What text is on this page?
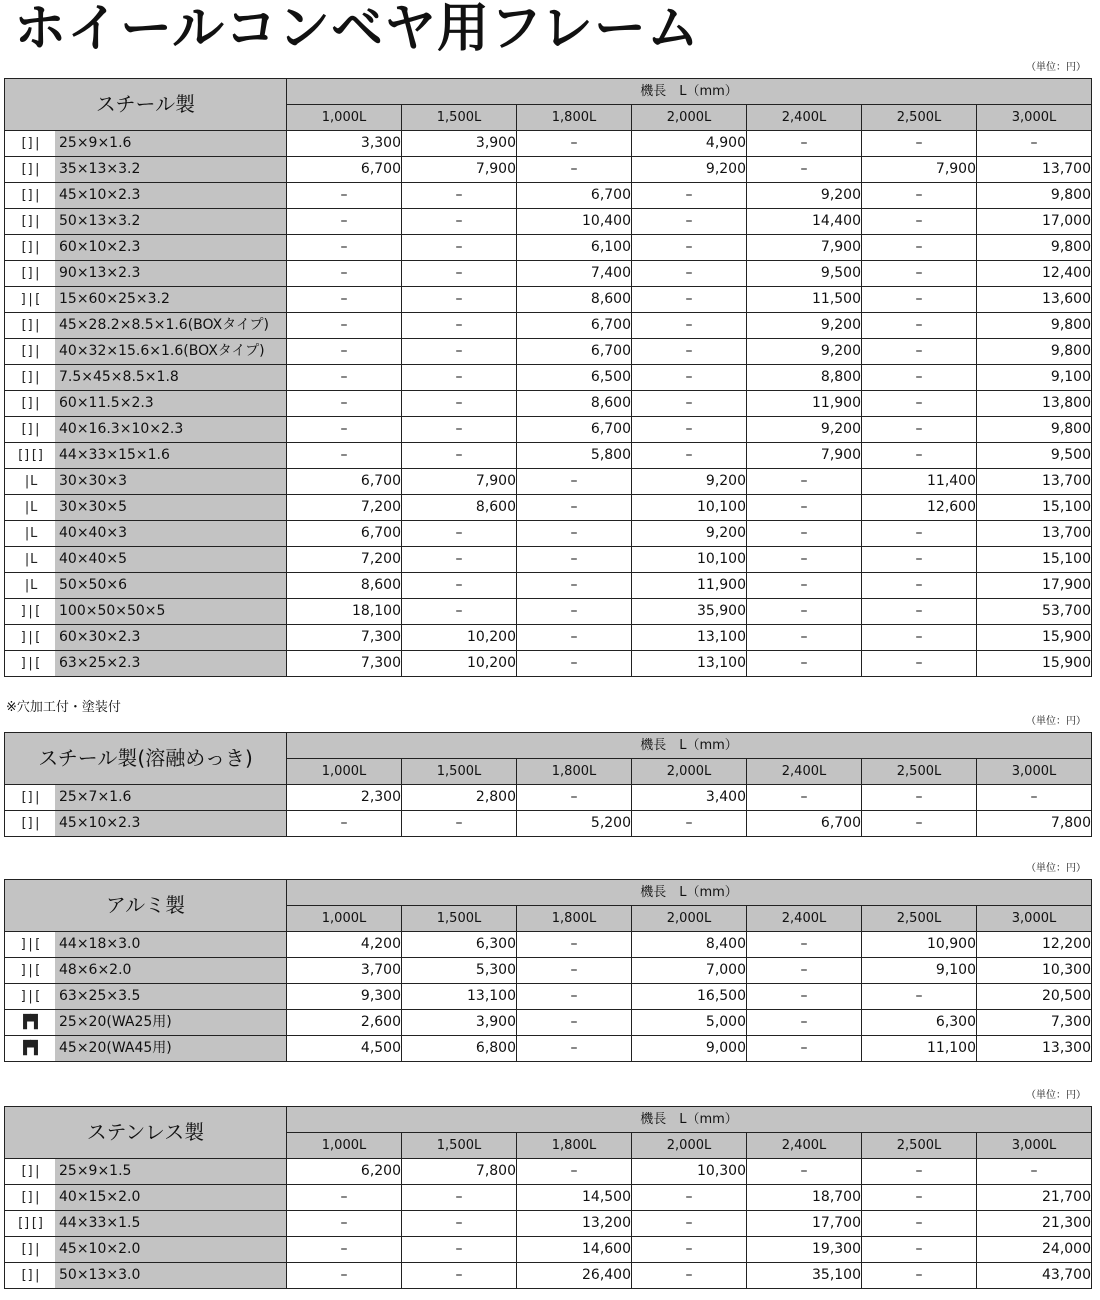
ホイールコンベヤ用フレーム
（単位：円）
スチール製	機長　L（mm）						
	1,000L	1,500L	1,800L	2,000L	2,400L	2,500L	3,000L

[]| 25×9×1.6	3,300	3,900	–	4,900	–	–	–

[]| 35×13×3.2	6,700	7,900	–	9,200	–	7,900	13,700

[]| 45×10×2.3	–	–	6,700	–	9,200	–	9,800

[]| 50×13×3.2	–	–	10,400	–	14,400	–	17,000

[]| 60×10×2.3	–	–	6,100	–	7,900	–	9,800

[]| 90×13×2.3	–	–	7,400	–	9,500	–	12,400

]|[ 15×60×25×3.2	–	–	8,600	–	11,500	–	13,600

[]| 45×28.2×8.5×1.6(BOXタイプ)	–	–	6,700	–	9,200	–	9,800

[]| 40×32×15.6×1.6(BOXタイプ)	–	–	6,700	–	9,200	–	9,800

[]| 7.5×45×8.5×1.8	–	–	6,500	–	8,800	–	9,100

[]| 60×11.5×2.3	–	–	8,600	–	11,900	–	13,800

[]| 40×16.3×10×2.3	–	–	6,700	–	9,200	–	9,800

[][] 44×33×15×1.6	–	–	5,800	–	7,900	–	9,500

|L 30×30×3	6,700	7,900	–	9,200	–	11,400	13,700

|L 30×30×5	7,200	8,600	–	10,100	–	12,600	15,100

|L 40×40×3	6,700	–	–	9,200	–	–	13,700

|L 40×40×5	7,200	–	–	10,100	–	–	15,100

|L 50×50×6	8,600	–	–	11,900	–	–	17,900

]|[ 100×50×50×5	18,100	–	–	35,900	–	–	53,700

]|[ 60×30×2.3	7,300	10,200	–	13,100	–	–	15,900

]|[ 63×25×2.3	7,300	10,200	–	13,100	–	–	15,900
※穴加工付・塗装付
（単位：円）
スチール製(溶融めっき)	機長　L（mm）						
	1,000L	1,500L	1,800L	2,000L	2,400L	2,500L	3,000L

[]| 25×7×1.6	2,300	2,800	–	3,400	–	–	–

[]| 45×10×2.3	–	–	5,200	–	6,700	–	7,800
（単位：円）
アルミ製	機長　L（mm）						
	1,000L	1,500L	1,800L	2,000L	2,400L	2,500L	3,000L

]|[ 44×18×3.0	4,200	6,300	–	8,400	–	10,900	12,200

]|[ 48×6×2.0	3,700	5,300	–	7,000	–	9,100	10,300

]|[ 63×25×3.5	9,300	13,100	–	16,500	–	–	20,500

▛▜ 25×20(WA25用)	2,600	3,900	–	5,000	–	6,300	7,300

▛▜ 45×20(WA45用)	4,500	6,800	–	9,000	–	11,100	13,300
（単位：円）
ステンレス製	機長　L（mm）						
	1,000L	1,500L	1,800L	2,000L	2,400L	2,500L	3,000L

[]| 25×9×1.5	6,200	7,800	–	10,300	–	–	–

[]| 40×15×2.0	–	–	14,500	–	18,700	–	21,700

[][] 44×33×1.5	–	–	13,200	–	17,700	–	21,300

[]| 45×10×2.0	–	–	14,600	–	19,300	–	24,000

[]| 50×13×3.0	–	–	26,400	–	35,100	–	43,700
